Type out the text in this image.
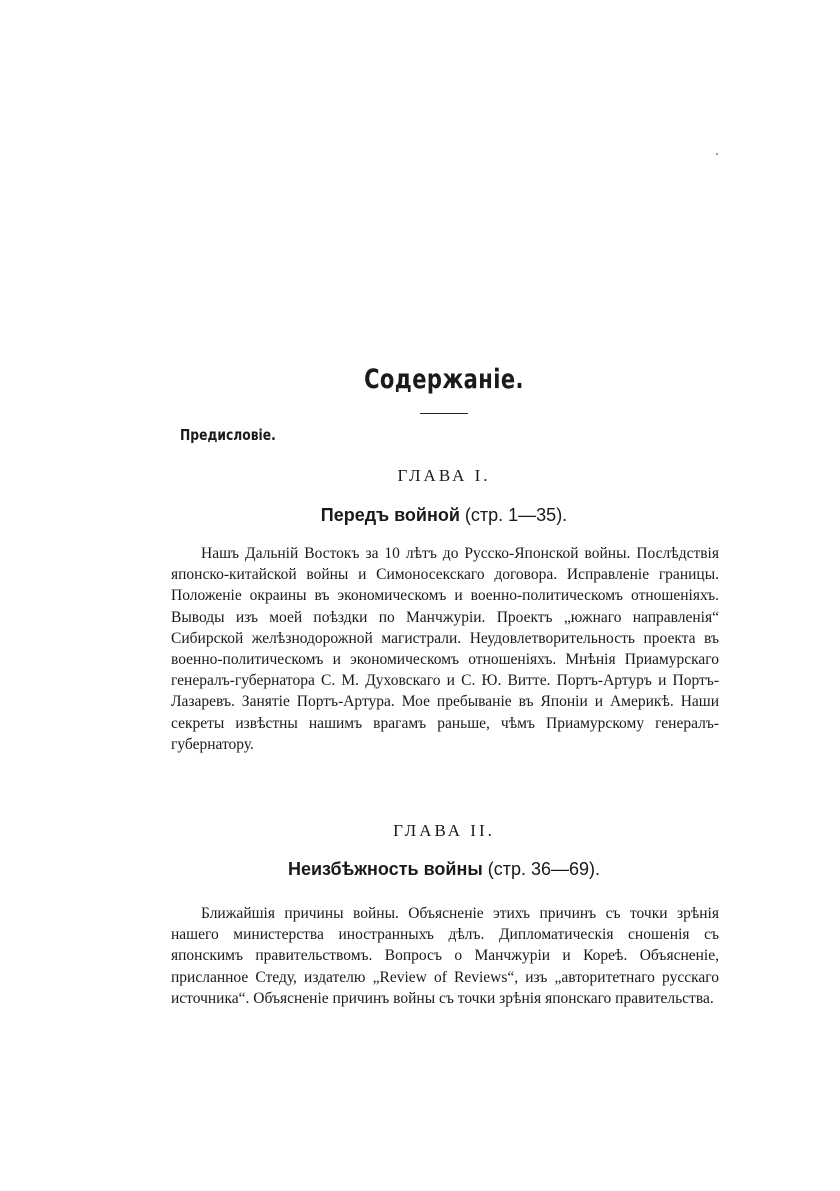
Содержаніе.
Предисловіе.
ГЛАВА I.
Передъ войной (стр. 1—35).
Нашъ Дальній Востокъ за 10 лѣтъ до Русско-Японской войны. Послѣдствія японско-китайской войны и Симоносекскаго договора. Исправленіе границы. Положеніе окраины въ экономическомъ и военно-политическомъ отношеніяхъ. Выводы изъ моей поѣздки по Манчжуріи. Проектъ „южнаго направленія“ Сибирской желѣзнодорожной магистрали. Неудовлетворительность проекта въ военно-политическомъ и экономическомъ отношеніяхъ. Мнѣнія Приамурскаго генералъ-губернатора С. М. Духовскаго и С. Ю. Витте. Портъ-Артуръ и Портъ-Лазаревъ. Занятіе Портъ-Артура. Мое пребываніе въ Японіи и Америкѣ. Наши секреты извѣстны нашимъ врагамъ раньше, чѣмъ Приамурскому генералъ-губернатору.
ГЛАВА II.
Неизбѣжность войны (стр. 36—69).
Ближайшія причины войны. Объясненіе этихъ причинъ съ точки зрѣнія нашего министерства иностранныхъ дѣлъ. Дипломатическія сношенія съ японскимъ правительствомъ. Вопросъ о Манчжуріи и Кореѣ. Объясненіе, присланное Стеду, издателю „Review of Reviews“, изъ „авторитетнаго русскаго источника“. Объясненіе причинъ войны съ точки зрѣнія японскаго правительства.
